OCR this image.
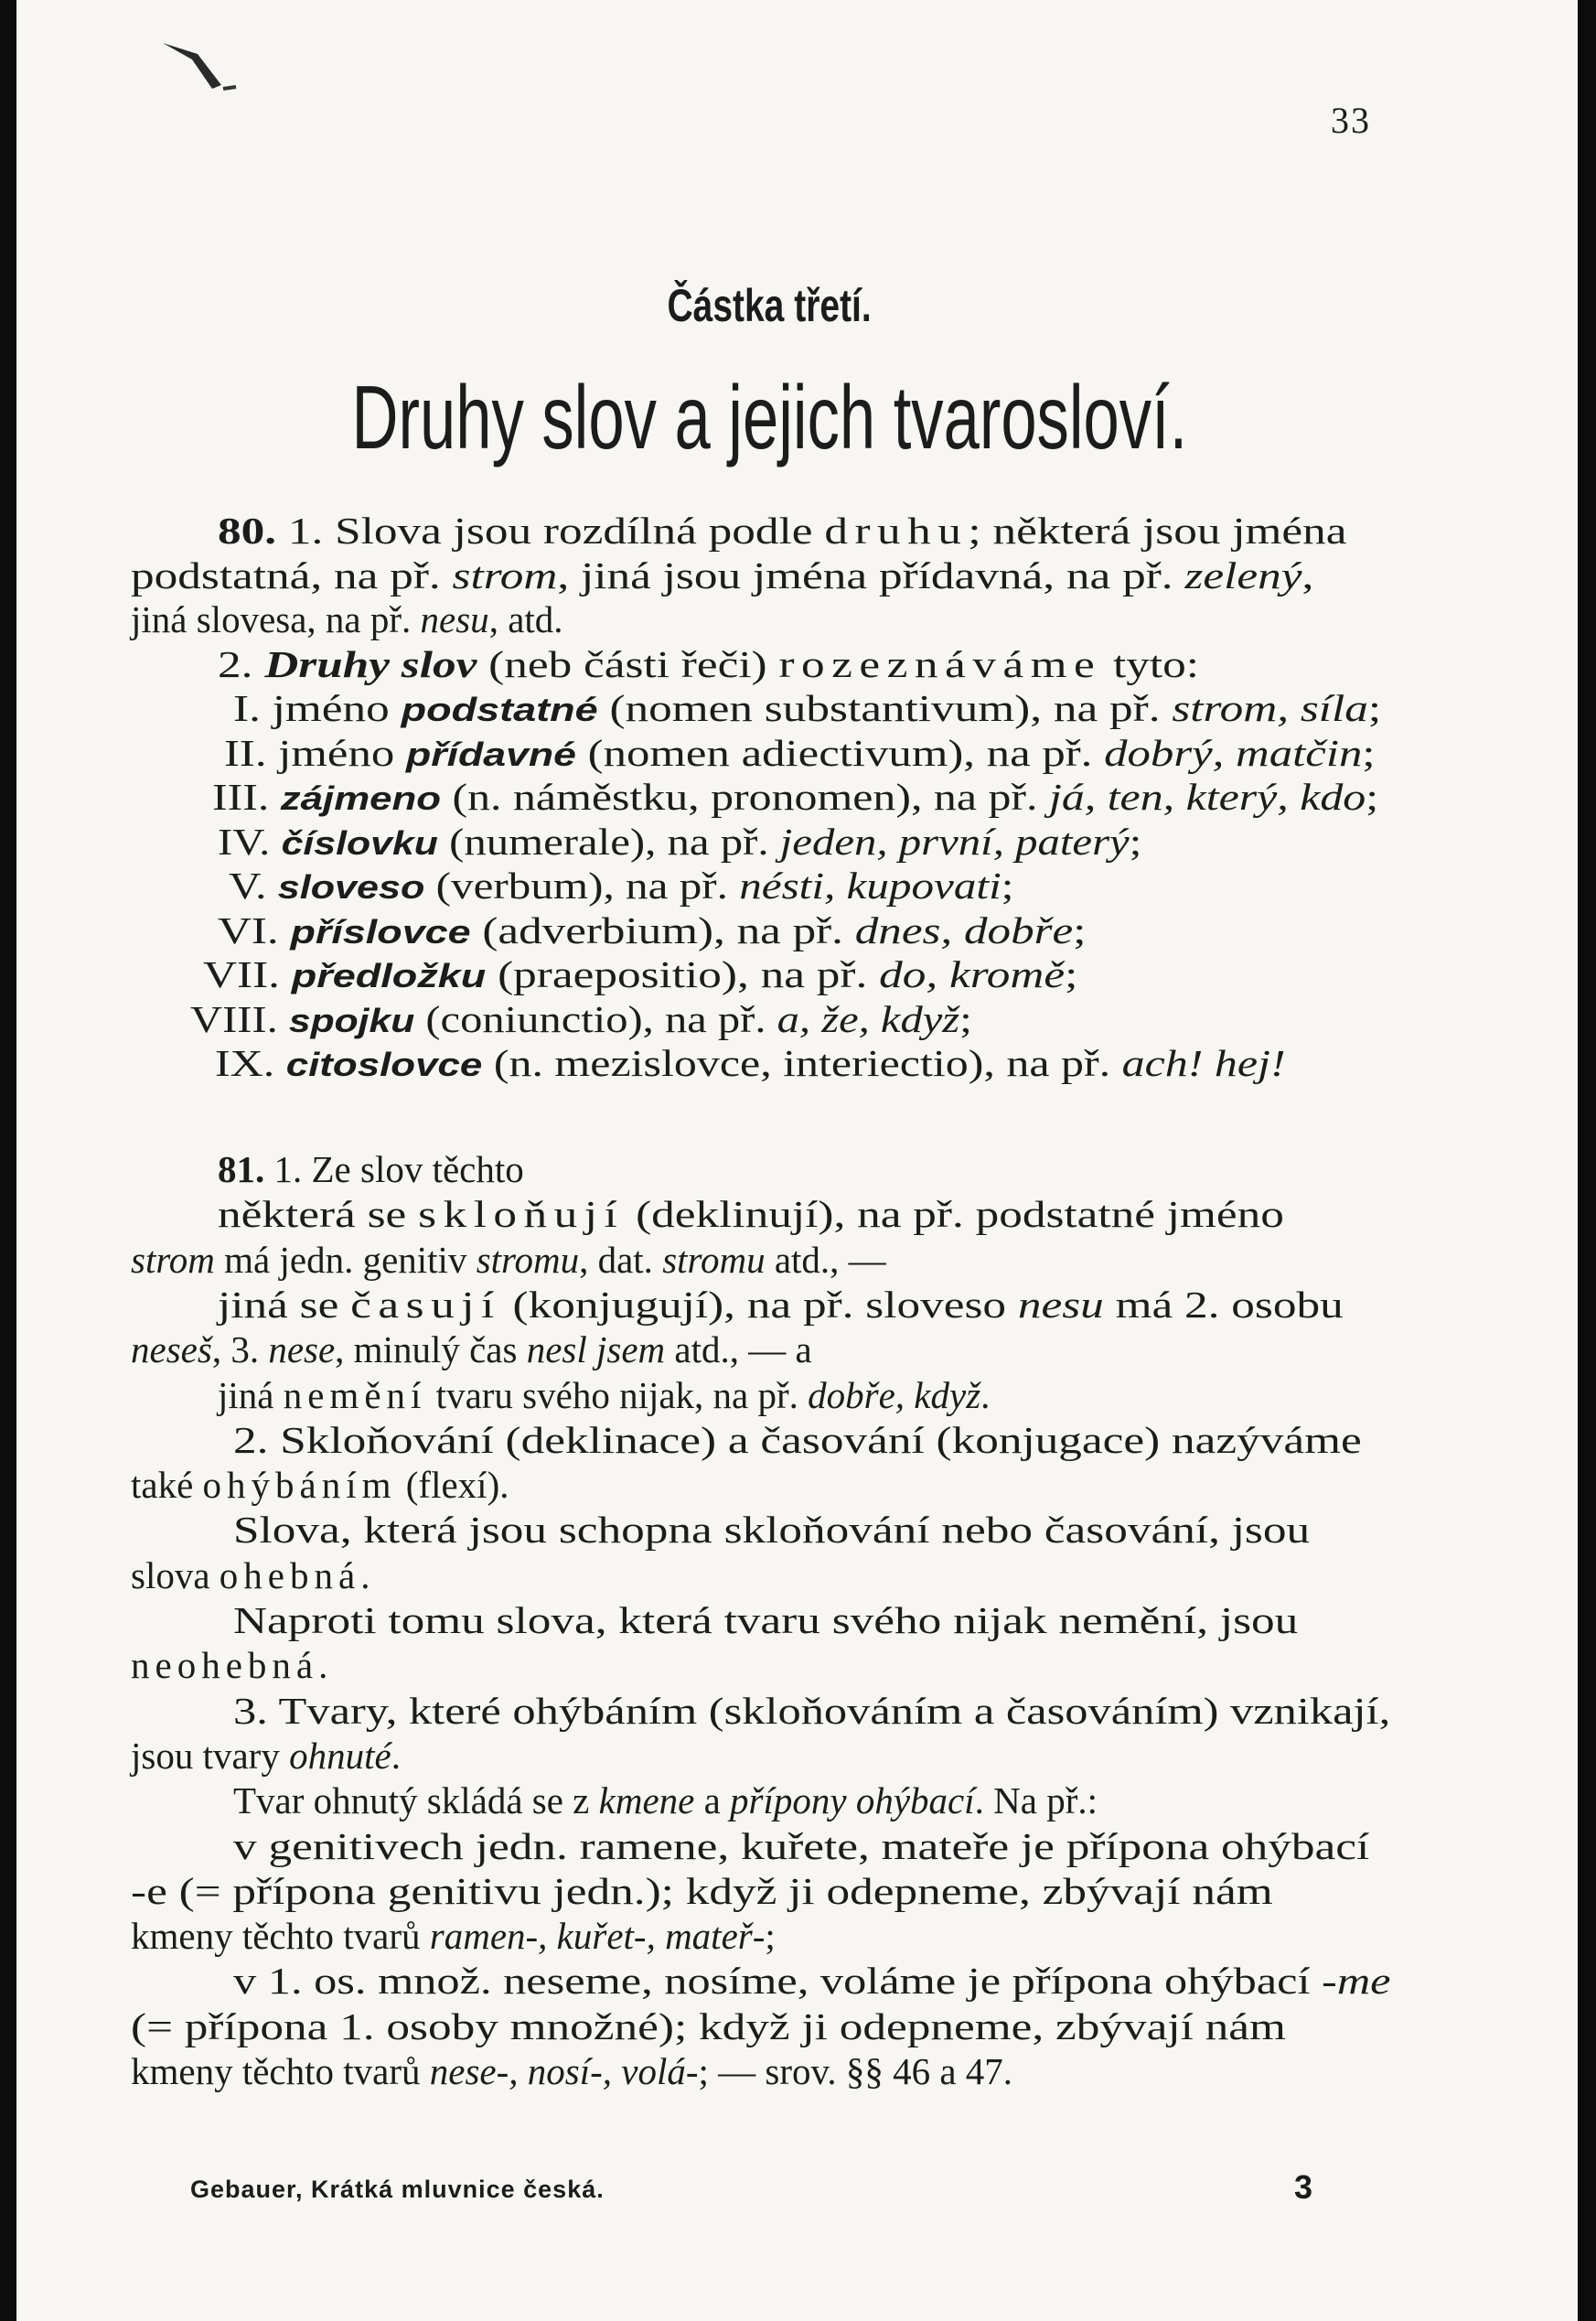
33
Částka třetí.
Druhy slov a jejich tvarosloví.
80. 1. Slova jsou rozdílná podle druhu; některá jsou jména
podstatná, na př. strom, jiná jsou jména přídavná, na př. zelený,
jiná slovesa, na př. nesu, atd.
2. Druhy slov (neb části řeči) rozeznáváme tyto:
I. jméno podstatné (nomen substantivum), na př. strom, síla;
II. jméno přídavné (nomen adiectivum), na př. dobrý, matčin;
III. zájmeno (n. náměstku, pronomen), na př. já, ten, který, kdo;
IV. číslovku (numerale), na př. jeden, první, paterý;
V. sloveso (verbum), na př. nésti, kupovati;
VI. příslovce (adverbium), na př. dnes, dobře;
VII. předložku (praepositio), na př. do, kromě;
VIII. spojku (coniunctio), na př. a, že, když;
IX. citoslovce (n. mezislovce, interiectio), na př. ach! hej!
81. 1. Ze slov těchto
některá se skloňují (deklinují), na př. podstatné jméno
strom má jedn. genitiv stromu, dat. stromu atd., —
jiná se časují (konjugují), na př. sloveso nesu má 2. osobu
neseš, 3. nese, minulý čas nesl jsem atd., — a
jiná nemění tvaru svého nijak, na př. dobře, když.
2. Skloňování (deklinace) a časování (konjugace) nazýváme
také ohýbáním (flexí).
Slova, která jsou schopna skloňování nebo časování, jsou
slova ohebná.
Naproti tomu slova, která tvaru svého nijak nemění, jsou
neohebná.
3. Tvary, které ohýbáním (skloňováním a časováním) vznikají,
jsou tvary ohnuté.
Tvar ohnutý skládá se z kmene a přípony ohýbací. Na př.:
v genitivech jedn. ramene, kuřete, mateře je přípona ohýbací
-e (= přípona genitivu jedn.); když ji odepneme, zbývají nám
kmeny těchto tvarů ramen-, kuřet-, mateř-;
v 1. os. množ. neseme, nosíme, voláme je přípona ohýbací -me
(= přípona 1. osoby množné); když ji odepneme, zbývají nám
kmeny těchto tvarů nese-, nosí-, volá-; — srov. §§ 46 a 47.
Gebauer, Krátká mluvnice česká.	3
